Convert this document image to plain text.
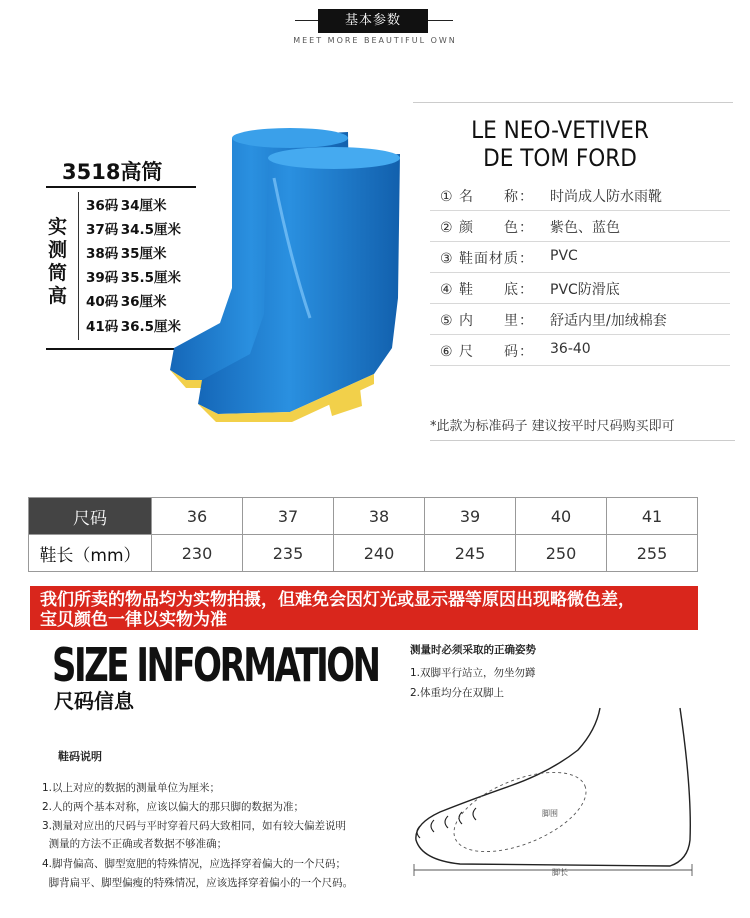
基本参数
MEET MORE BEAUTIFUL OWN
3518高筒
实测筒高
36码 34厘米
37码 34.5厘米
38码 35厘米
39码 35.5厘米
40码 36厘米
41码 36.5厘米
LE NEO-VETIVER
DE TOM FORD
① 名　　称： 时尚成人防水雨靴
② 颜　　色： 紫色、蓝色
③ 鞋面材质： PVC
④ 鞋　　底： PVC防滑底
⑤ 内　　里： 舒适内里/加绒棉套
⑥ 尺　　码： 36-40
*此款为标准码子 建议按平时尺码购买即可
尺码	36	37	38	39	40	41
鞋长（mm）	230	235	240	245	250	255
我们所卖的物品均为实物拍摄，但难免会因灯光或显示器等原因出现略微色差，
宝贝颜色一律以实物为准
SIZE INFORMATION
尺码信息
鞋码说明
1.以上对应的数据的测量单位为厘米；
2.人的两个基本对称，应该以偏大的那只脚的数据为准；
3.测量对应出的尺码与平时穿着尺码大致相同，如有较大偏差说明
测量的方法不正确或者数据不够准确；
4.脚背偏高、脚型宽肥的特殊情况，应选择穿着偏大的一个尺码；
脚背扁平、脚型偏瘦的特殊情况，应该选择穿着偏小的一个尺码。
测量时必须采取的正确姿势
1.双脚平行站立，勿坐勿蹲
2.体重均分在双脚上
脚围
脚长
